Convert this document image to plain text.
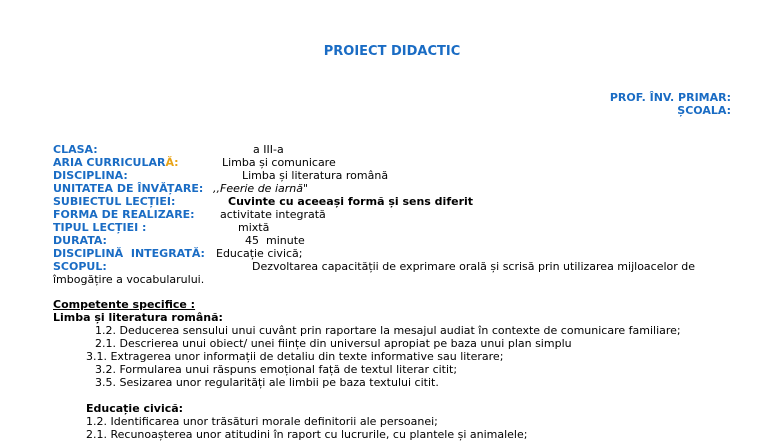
PROIECT DIDACTIC
PROF. ÎNV. PRIMAR:
ȘCOALA:
CLASA:	a III-a
ARIA CURRICULARĂ:	Limba și comunicare
DISCIPLINA:	Limba și literatura română
UNITATEA DE ÎNVĂȚARE: ,,Feerie de iarnă"
SUBIECTUL LECȚIEI:	Cuvinte cu aceeași formă și sens diferit
FORMA DE REALIZARE: activitate integrată
TIPUL LECȚIEI :	mixtă
DURATA:	45  minute
DISCIPLINĂ  INTEGRATĂ: Educație civică;
SCOPUL:	Dezvoltarea capacității de exprimare orală și scrisă prin utilizarea mijloacelor de
îmbogățire a vocabularului.
Competente specifice :
Limba și literatura română:
1.2. Deducerea sensului unui cuvânt prin raportare la mesajul audiat în contexte de comunicare familiare;
2.1. Descrierea unui obiect/ unei ființe din universul apropiat pe baza unui plan simplu
3.1. Extragerea unor informații de detaliu din texte informative sau literare;
3.2. Formularea unui răspuns emoțional față de textul literar citit;
3.5. Sesizarea unor regularități ale limbii pe baza textului citit.
Educație civică:
1.2. Identificarea unor trăsături morale definitorii ale persoanei;
2.1. Recunoașterea unor atitudini în raport cu lucrurile, cu plantele și animalele;
